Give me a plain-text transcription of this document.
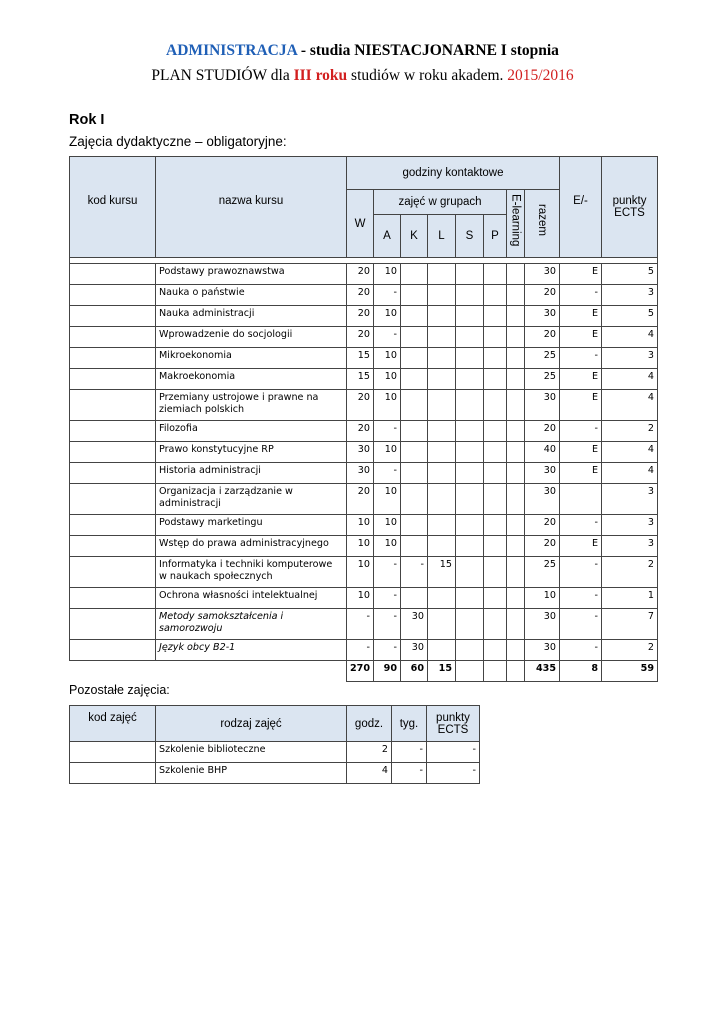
ADMINISTRACJA - studia NIESTACJONARNE I stopnia
PLAN STUDIÓW dla III roku studiów w roku akadem. 2015/2016
Rok I
Zajęcia dydaktyczne – obligatoryjne:
kod kursu	nazwa kursu	godziny kontaktowe								E/-	punkty ECTS
		W	zajęć w grupach					E-learning	razem		
			A	K	L	S	P				

	Podstawy prawoznawstwa	20	10						30	E	5
	Nauka o państwie	20	-						20	-	3
	Nauka administracji	20	10						30	E	5
	Wprowadzenie do socjologii	20	-						20	E	4
	Mikroekonomia	15	10						25	-	3
	Makroekonomia	15	10						25	E	4
	Przemiany ustrojowe i prawne na ziemiach polskich	20	10						30	E	4
	Filozofia	20	-						20	-	2
	Prawo konstytucyjne RP	30	10						40	E	4
	Historia administracji	30	-						30	E	4
	Organizacja i zarządzanie w administracji	20	10						30		3
	Podstawy marketingu	10	10						20	-	3
	Wstęp do prawa administracyjnego	10	10						20	E	3
	Informatyka i techniki komputerowe w naukach społecznych	10	-	-	15				25	-	2
	Ochrona własności intelektualnej	10	-						10	-	1
	Metody samokształcenia i samorozwoju	-	-	30					30	-	7
	Język obcy B2-1	-	-	30					30	-	2
		270	90	60	15				435	8	59
Pozostałe zajęcia:
kod zajęć	rodzaj zajęć	godz.	tyg.	punkty ECTS
	Szkolenie biblioteczne	2	-	-
	Szkolenie BHP	4	-	-
